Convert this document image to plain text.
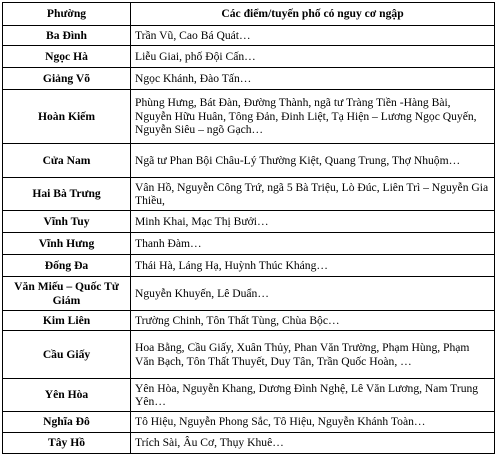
Phường	Các điểm/tuyến phố có nguy cơ ngập
Ba Đình	Trần Vũ, Cao Bá Quát…
Ngọc Hà	Liễu Giai, phố Đội Cấn…
Giảng Võ	Ngọc Khánh, Đào Tấn…
Hoàn Kiếm	Phùng Hưng, Bát Đàn, Đường Thành, ngã tư Tràng Tiền -Hàng Bài, Nguyễn Hữu Huân, Tông Đản, Đinh Liệt, Tạ Hiện – Lương Ngọc Quyến, Nguyễn Siêu – ngõ Gạch…
Cửa Nam	Ngã tư Phan Bội Châu-Lý Thường Kiệt, Quang Trung, Thợ Nhuộm…
Hai Bà Trưng	Vân Hồ, Nguyễn Công Trứ, ngã 5 Bà Triệu, Lò Đúc, Liên Trì – Nguyễn Gia Thiều,
Vĩnh Tuy	Minh Khai, Mạc Thị Bưởi…
Vĩnh Hưng	Thanh Đàm…
Đống Đa	Thái Hà, Láng Hạ, Huỳnh Thúc Kháng…
Văn Miếu – Quốc Tử Giám	Nguyễn Khuyến, Lê Duẩn…
Kim Liên	Trường Chinh, Tôn Thất Tùng, Chùa Bộc…
Cầu Giấy	Hoa Bằng, Cầu Giấy, Xuân Thủy, Phan Văn Trường, Phạm Hùng, Phạm Văn Bạch, Tôn Thất Thuyết, Duy Tân, Trần Quốc Hoàn, …
Yên Hòa	Yên Hòa, Nguyễn Khang, Dương Đình Nghệ, Lê Văn Lương, Nam Trung Yên…
Nghĩa Đô	Tô Hiệu, Nguyễn Phong Sắc, Tô Hiệu, Nguyễn Khánh Toàn…
Tây Hồ	Trích Sài, Âu Cơ, Thụy Khuê…
